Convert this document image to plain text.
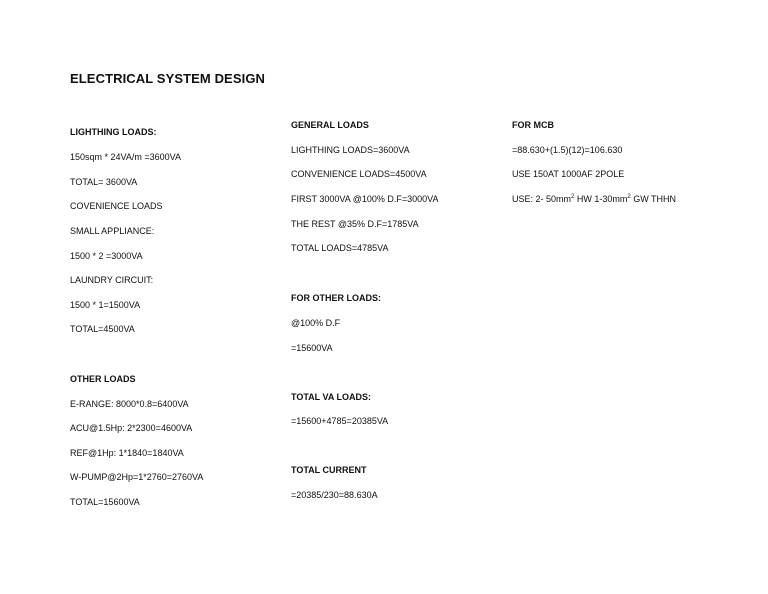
ELECTRICAL SYSTEM DESIGN
LIGHTHING LOADS:
150sqm * 24VA/m =3600VA
TOTAL= 3600VA
COVENIENCE LOADS
SMALL APPLIANCE:
1500 * 2 =3000VA
LAUNDRY CIRCUIT:
1500 * 1=1500VA
TOTAL=4500VA
OTHER LOADS
E-RANGE: 8000*0.8=6400VA
ACU@1.5Hp: 2*2300=4600VA
REF@1Hp: 1*1840=1840VA
W-PUMP@2Hp=1*2760=2760VA
TOTAL=15600VA
GENERAL LOADS
LIGHTHING LOADS=3600VA
CONVENIENCE LOADS=4500VA
FIRST 3000VA @100% D.F=3000VA
THE REST @35% D.F=1785VA
TOTAL LOADS=4785VA
FOR OTHER LOADS:
@100% D.F
=15600VA
TOTAL VA LOADS:
=15600+4785=20385VA
TOTAL CURRENT
=20385/230=88.630A
FOR MCB
=88.630+(1.5)(12)=106.630
USE 150AT 1000AF 2POLE
USE: 2- $50mm^2$ HW $1-30mm^2$ GW THHN
